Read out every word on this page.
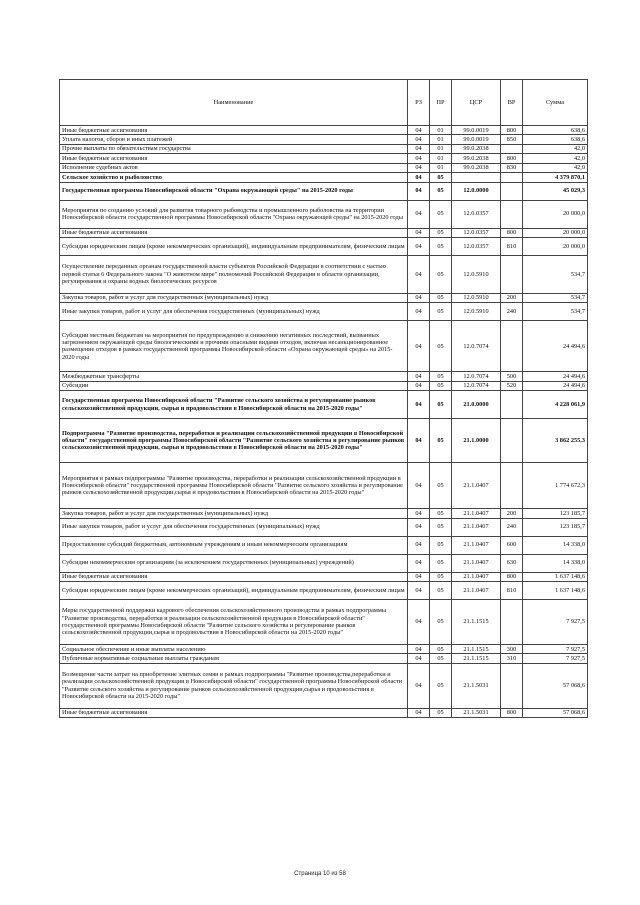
Наименование	РЗ	ПР	ЦСР	ВР	Сумма
Иные бюджетные ассигнования	04	01	99.0.0019	800	638,6
Уплата налогов, сборов и иных платежей	04	01	99.0.0019	850	638,6
Прочие выплаты по обязательствам государства	04	01	99.0.2038		42,0
Иные бюджетные ассигнования	04	01	99.0.2038	800	42,0
Исполнение судебных актов	04	01	99.0.2038	830	42,0
Сельское хозяйство и рыболовство	04	05			4 379 870,1
Государственная программа Новосибирской области "Охрана окружающей среды" на 2015-2020 годы	04	05	12.0.0000		45 029,3
Мероприятия по созданию условий для развития товарного рыбоводства и промышленного рыболовства на территории Новосибирской области государственной программы Новосибирской области "Охрана окружающей среды" на 2015-2020 годы	04	05	12.0.0357		20 000,0
Иные бюджетные ассигнования	04	05	12.0.0357	800	20 000,0
Субсидии юридическим лицам (кроме некоммерческих организаций), индивидуальным предпринимателям, физическим лицам	04	05	12.0.0357	810	20 000,0
Осуществление переданных органам государственной власти субъектов Российской Федерации в соответствии с частью первой статьи 6 Федерального закона "О животном мире" полномочий Российской Федерации в области организации, регулирования и охраны водных биологических ресурсов	04	05	12.0.5910		534,7
Закупка товаров, работ и услуг для государственных (муниципальных) нужд	04	05	12.0.5910	200	534,7
Иные закупки товаров, работ и услуг для обеспечения государственных (муниципальных) нужд	04	05	12.0.5910	240	534,7
Субсидии местным бюджетам на мероприятия по предупреждению и снижению негативных последствий, вызванных загрязнением окружающей среды биологическими и прочими опасными видами отходов, включая несанкционированное размещение отходов в рамках государственной программы Новосибирской области «Охрана окружающей среды» на 2015-2020 годы	04	05	12.0.7074		24 494,6
Межбюджетные трансферты	04	05	12.0.7074	500	24 494,6
Субсидии	04	05	12.0.7074	520	24 494,6
Государственная программа Новосибирской области "Развитие сельского хозяйства и регулирование рынков сельскохозяйственной продукции, сырья и продовольствия в Новосибирской области на 2015-2020 годы"	04	05	21.0.0000		4 228 061,9
Подпрограмма "Развитие производства, переработки и реализации сельскохозяйственной продукции в Новосибирской области" государственной программы Новосибирской области "Развитие сельского хозяйства и регулирование рынков сельскохозяйственной продукции, сырья и продовольствия в Новосибирской области на 2015-2020 годы"	04	05	21.1.0000		3 862 255,3
Мероприятия в рамках подпрограммы "Развитие производства, переработки и реализации сельскохозяйственной продукции в Новосибирской области" государственной программы Новосибирской области "Развитие сельского хозяйства и регулирование рынков сельскохозяйственной продукции,сырья и продовольствия в Новосибирской области на 2015-2020 годы"	04	05	21.1.0407		1 774 672,3
Закупка товаров, работ и услуг для государственных (муниципальных) нужд	04	05	21.1.0407	200	123 185,7
Иные закупки товаров, работ и услуг для обеспечения государственных (муниципальных) нужд	04	05	21.1.0407	240	123 185,7
Предоставление субсидий бюджетным, автономным учреждениям и иным некоммерческим организациям	04	05	21.1.0407	600	14 338,0
Субсидии некоммерческим организациям (за исключением государственных (муниципальных) учреждений)	04	05	21.1.0407	630	14 338,0
Иные бюджетные ассигнования	04	05	21.1.0407	800	1 637 148,6
Субсидии юридическим лицам (кроме некоммерческих организаций), индивидуальным предпринимателям, физическим лицам	04	05	21.1.0407	810	1 637 148,6
Меры государственной поддержки кадрового обеспечения сельскохозяйственного производства в рамках подпрограммы "Развитие производства, переработки и реализации сельскохозяйственной продукции в Новосибирской области" государственной программы Новосибирской области "Развитие сельского хозяйства и регулирование рынков сельскохозяйственной продукции,сырья и продовольствия в Новосибирской области на 2015-2020 годы"	04	05	21.1.1515		7 927,5
Социальное обеспечение и иные выплаты населению	04	05	21.1.1515	300	7 927,5
Публичные нормативные социальные выплаты гражданам	04	05	21.1.1515	310	7 927,5
Возмещение части затрат на приобретение элитных семян в рамках подпрограммы "Развитие производства,переработки и реализации сельскохозяйственной продукции в Новосибирской области" государственной программы Новосибирской области "Развитие сельского хозяйства и регулирование рынков сельскохозяйственной продукции,сырья и продовольствия в Новосибирской области на 2015-2020 годы"	04	05	21.1.5031		57 068,6
Иные бюджетные ассигнования	04	05	21.1.5031	800	57 068,6
Страница 10 из 58
